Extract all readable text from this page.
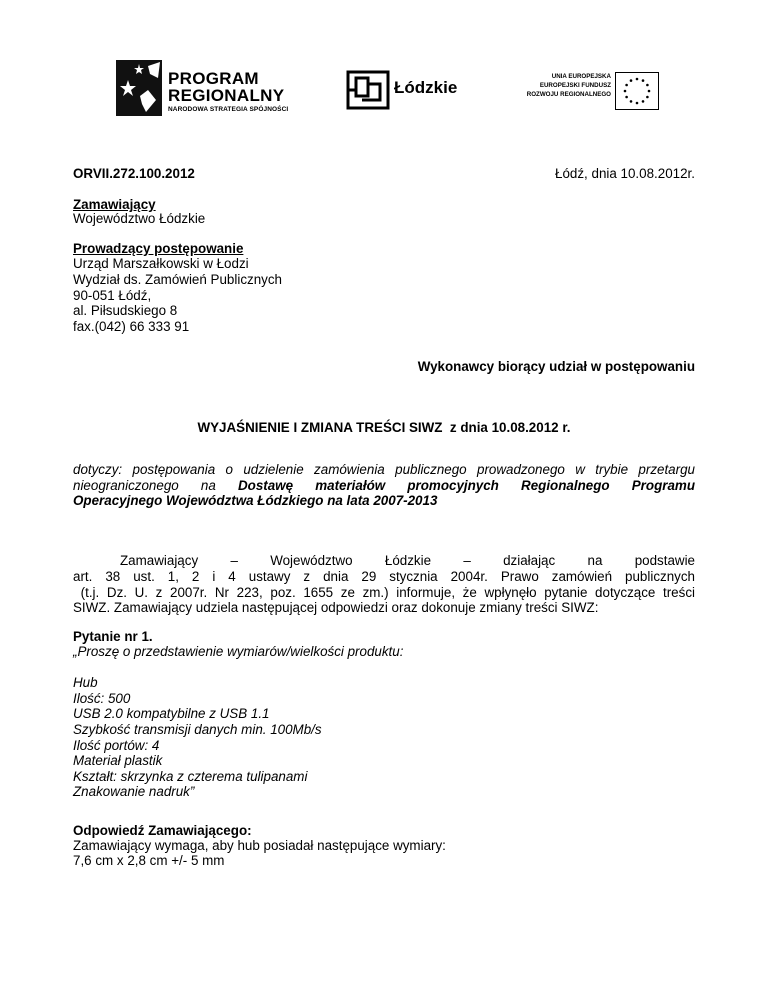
PROGRAM
REGIONALNY
NARODOWA STRATEGIA SPÓJNOŚCI
Łódzkie
UNIA EUROPEJSKA
EUROPEJSKI FUNDUSZ
ROZWOJU REGIONALNEGO
ORVII.272.100.2012	Łódź, dnia 10.08.2012r.
Zamawiający
Województwo Łódzkie
Prowadzący postępowanie
Urząd Marszałkowski w Łodzi
Wydział ds. Zamówień Publicznych
90-051 Łódź,
al. Piłsudskiego 8
fax.(042) 66 333 91
Wykonawcy biorący udział w postępowaniu
WYJAŚNIENIE I ZMIANA TREŚCI SIWZ  z dnia 10.08.2012 r.
dotyczy: postępowania o udzielenie zamówienia publicznego prowadzonego w trybie przetargu
nieograniczonego na Dostawę materiałów promocyjnych Regionalnego Programu
Operacyjnego Województwa Łódzkiego na lata 2007-2013
Zamawiający – Województwo Łódzkie – działając na podstawie
art. 38 ust. 1, 2 i 4 ustawy z dnia 29 stycznia 2004r. Prawo zamówień publicznych
(t.j. Dz. U. z 2007r. Nr 223, poz. 1655 ze zm.) informuje, że wpłynęło pytanie dotyczące treści
SIWZ. Zamawiający udziela następującej odpowiedzi oraz dokonuje zmiany treści SIWZ:
Pytanie nr 1.
„Proszę o przedstawienie wymiarów/wielkości produktu:
Hub
Ilość: 500
USB 2.0 kompatybilne z USB 1.1
Szybkość transmisji danych min. 100Mb/s
Ilość portów: 4
Materiał plastik
Kształt: skrzynka z czterema tulipanami
Znakowanie nadruk”
Odpowiedź Zamawiającego:
Zamawiający wymaga, aby hub posiadał następujące wymiary:
7,6 cm x 2,8 cm +/- 5 mm
